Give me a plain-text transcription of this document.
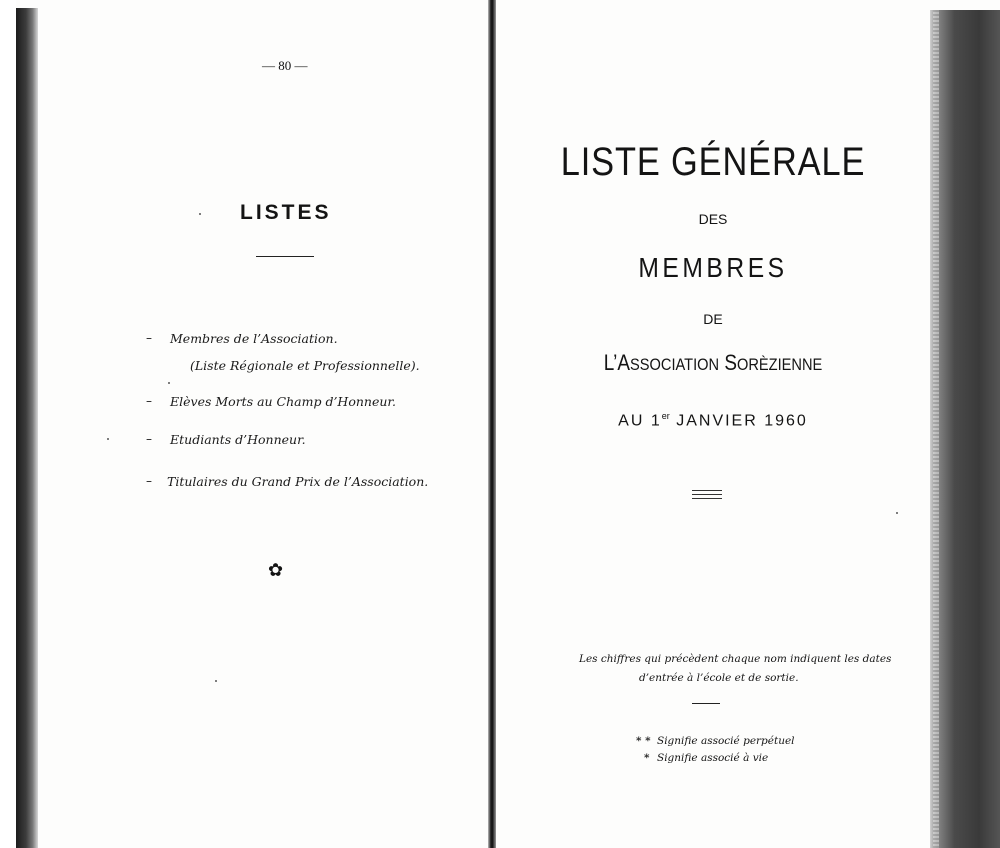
— 80 —
LISTES
– Membres de l’Association.
(Liste Régionale et Professionnelle).
– Elèves Morts au Champ d’Honneur.
– Etudiants d’Honneur.
– Titulaires du Grand Prix de l’Association.
✿
LISTE GÉNÉRALE
DES
MEMBRES
DE
L’ASSOCIATION SORÈZIENNE
AU 1er JANVIER 1960
Les chiffres qui précèdent chaque nom indiquent les dates
d’entrée à l’école et de sortie.
* * Signifie associé perpétuel
* Signifie associé à vie
